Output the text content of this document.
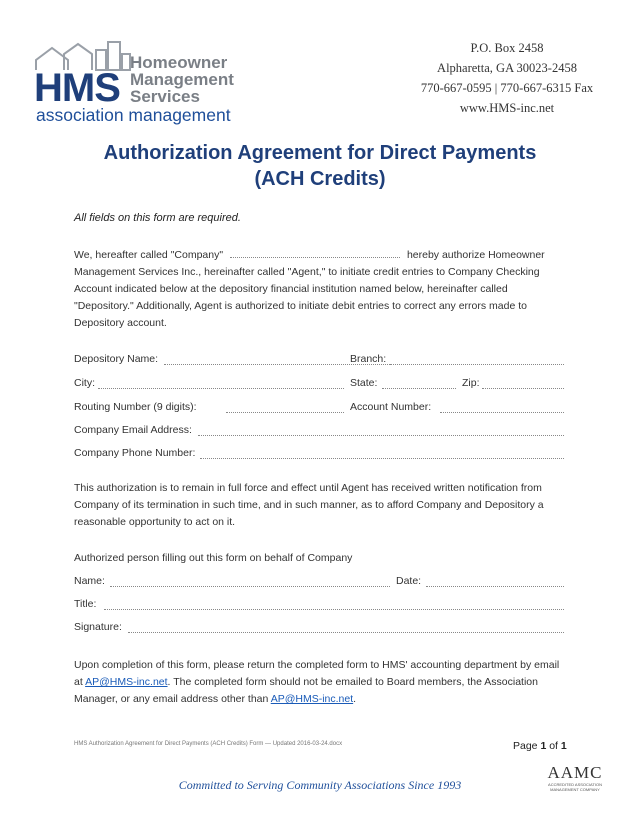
HMS
Homeowner
Management
Services
association management
P.O. Box 2458
Alpharetta, GA 30023-2458
770-667-0595 | 770-667-6315 Fax
www.HMS-inc.net
Authorization Agreement for Direct Payments
(ACH Credits)
All fields on this form are required.
We, hereafter called "Company"	hereby authorize Homeowner Management Services Inc., hereinafter called "Agent," to initiate credit entries to Company Checking Account indicated below at the depository financial institution named below, hereinafter called "Depository." Additionally, Agent is authorized to initiate debit entries to correct any errors made to Depository account.
Depository Name:	Branch:
City:	State:	Zip:
Routing Number (9 digits):	Account Number:
Company Email Address:
Company Phone Number:
This authorization is to remain in full force and effect until Agent has received written notification from Company of its termination in such time, and in such manner, as to afford Company and Depository a reasonable opportunity to act on it.
Authorized person filling out this form on behalf of Company
Name:	Date:
Title:
Signature:
Upon completion of this form, please return the completed form to HMS' accounting department by email at AP@HMS-inc.net. The completed form should not be emailed to Board members, the Association Manager, or any email address other than AP@HMS-inc.net.
HMS Authorization Agreement for Direct Payments (ACH Credits) Form — Updated 2016-03-24.docx	Page 1 of 1
Committed to Serving Community Associations Since 1993
AAMC
ACCREDITED ASSOCIATION
MANAGEMENT COMPANY
